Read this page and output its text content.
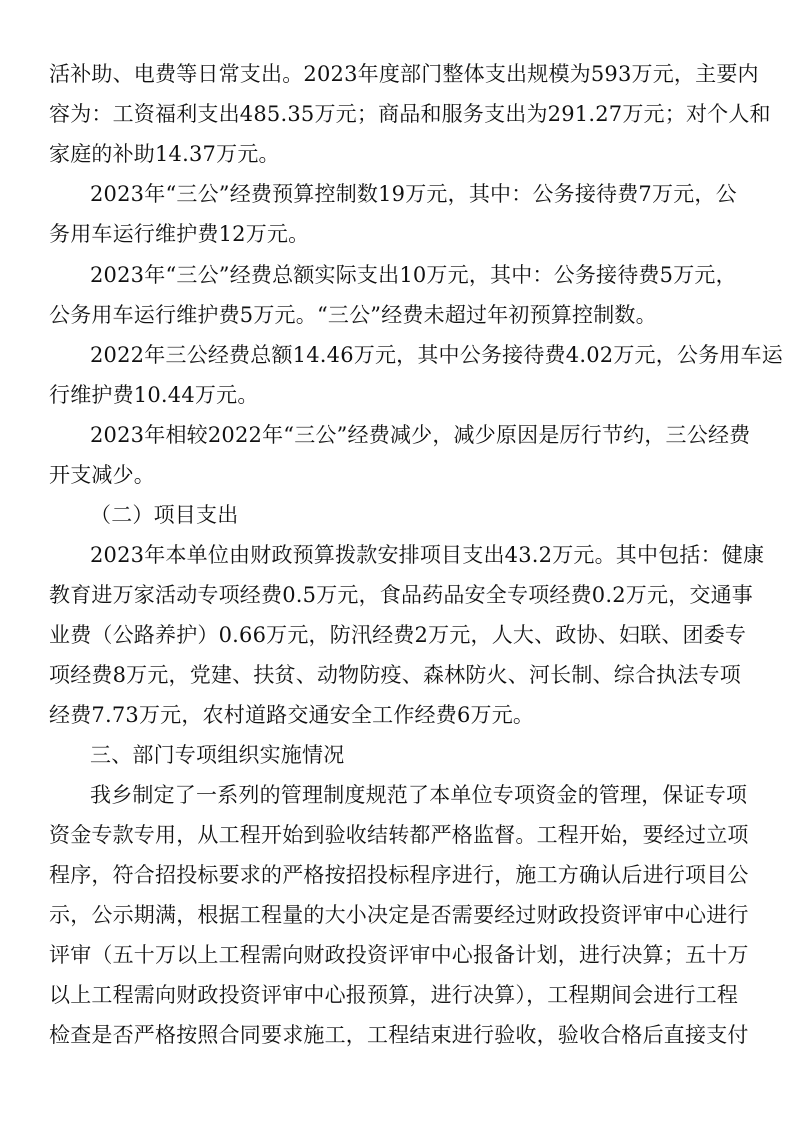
活补助、电费等日常支出。2023年度部门整体支出规模为593万元，主要内
容为：工资福利支出485.35万元；商品和服务支出为291.27万元；对个人和
家庭的补助14.37万元。
2023年“三公”经费预算控制数19万元，其中：公务接待费7万元，公
务用车运行维护费12万元。
2023年“三公”经费总额实际支出10万元，其中：公务接待费5万元，
公务用车运行维护费5万元。“三公”经费未超过年初预算控制数。
2022年三公经费总额14.46万元，其中公务接待费4.02万元，公务用车运
行维护费10.44万元。
2023年相较2022年“三公”经费减少，减少原因是厉行节约，三公经费
开支减少。
（二）项目支出
2023年本单位由财政预算拨款安排项目支出43.2万元。其中包括：健康
教育进万家活动专项经费0.5万元，食品药品安全专项经费0.2万元，交通事
业费（公路养护）0.66万元，防汛经费2万元，人大、政协、妇联、团委专
项经费8万元，党建、扶贫、动物防疫、森林防火、河长制、综合执法专项
经费7.73万元，农村道路交通安全工作经费6万元。
三、部门专项组织实施情况
我乡制定了一系列的管理制度规范了本单位专项资金的管理，保证专项
资金专款专用，从工程开始到验收结转都严格监督。工程开始，要经过立项
程序，符合招投标要求的严格按招投标程序进行，施工方确认后进行项目公
示，公示期满，根据工程量的大小决定是否需要经过财政投资评审中心进行
评审（五十万以上工程需向财政投资评审中心报备计划，进行决算；五十万
以上工程需向财政投资评审中心报预算，进行决算），工程期间会进行工程
检查是否严格按照合同要求施工，工程结束进行验收，验收合格后直接支付
